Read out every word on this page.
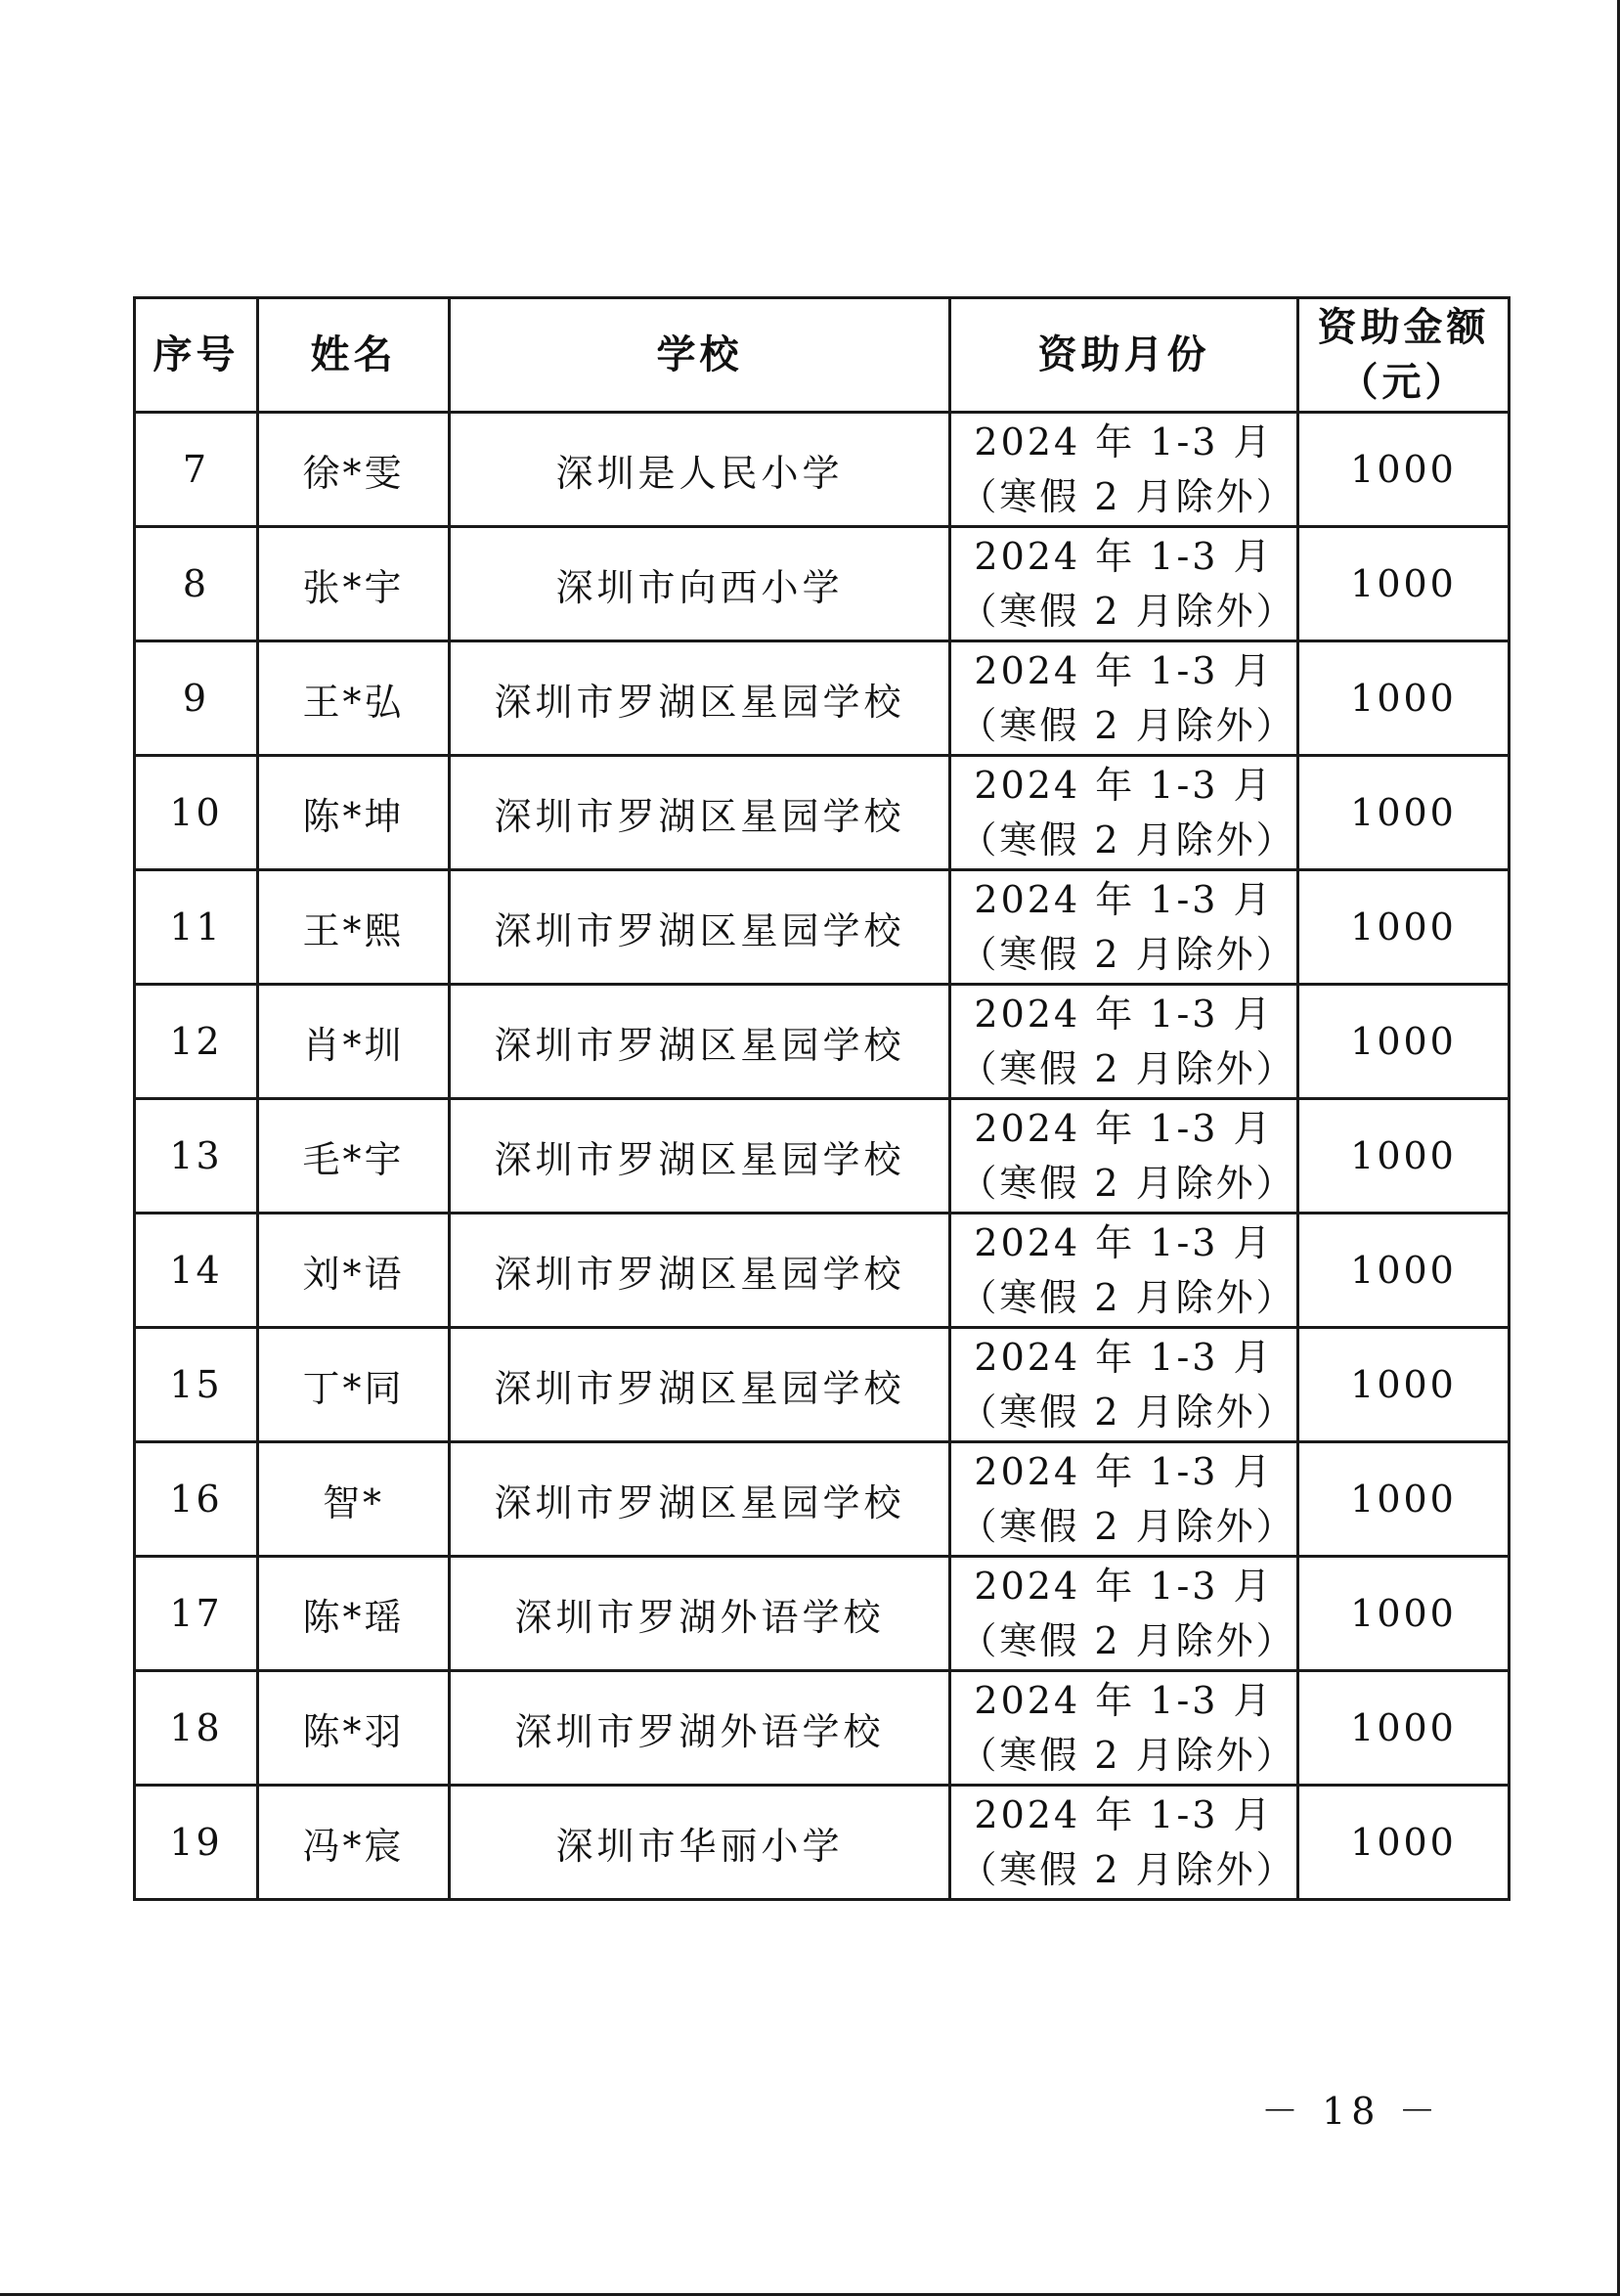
序号	姓名	学校	资助月份	资助金额
（元）

7	徐*雯	深圳是人民小学	2024 年 1-3 月
（寒假 2 月除外）	1000
8	张*宇	深圳市向西小学	2024 年 1-3 月
（寒假 2 月除外）	1000
9	王*弘	深圳市罗湖区星园学校	2024 年 1-3 月
（寒假 2 月除外）	1000
10	陈*坤	深圳市罗湖区星园学校	2024 年 1-3 月
（寒假 2 月除外）	1000
11	王*熙	深圳市罗湖区星园学校	2024 年 1-3 月
（寒假 2 月除外）	1000
12	肖*圳	深圳市罗湖区星园学校	2024 年 1-3 月
（寒假 2 月除外）	1000
13	毛*宇	深圳市罗湖区星园学校	2024 年 1-3 月
（寒假 2 月除外）	1000
14	刘*语	深圳市罗湖区星园学校	2024 年 1-3 月
（寒假 2 月除外）	1000
15	丁*同	深圳市罗湖区星园学校	2024 年 1-3 月
（寒假 2 月除外）	1000
16	智*	深圳市罗湖区星园学校	2024 年 1-3 月
（寒假 2 月除外）	1000
17	陈*瑶	深圳市罗湖外语学校	2024 年 1-3 月
（寒假 2 月除外）	1000
18	陈*羽	深圳市罗湖外语学校	2024 年 1-3 月
（寒假 2 月除外）	1000
19	冯*宸	深圳市华丽小学	2024 年 1-3 月
（寒假 2 月除外）	1000
－ 18 －
